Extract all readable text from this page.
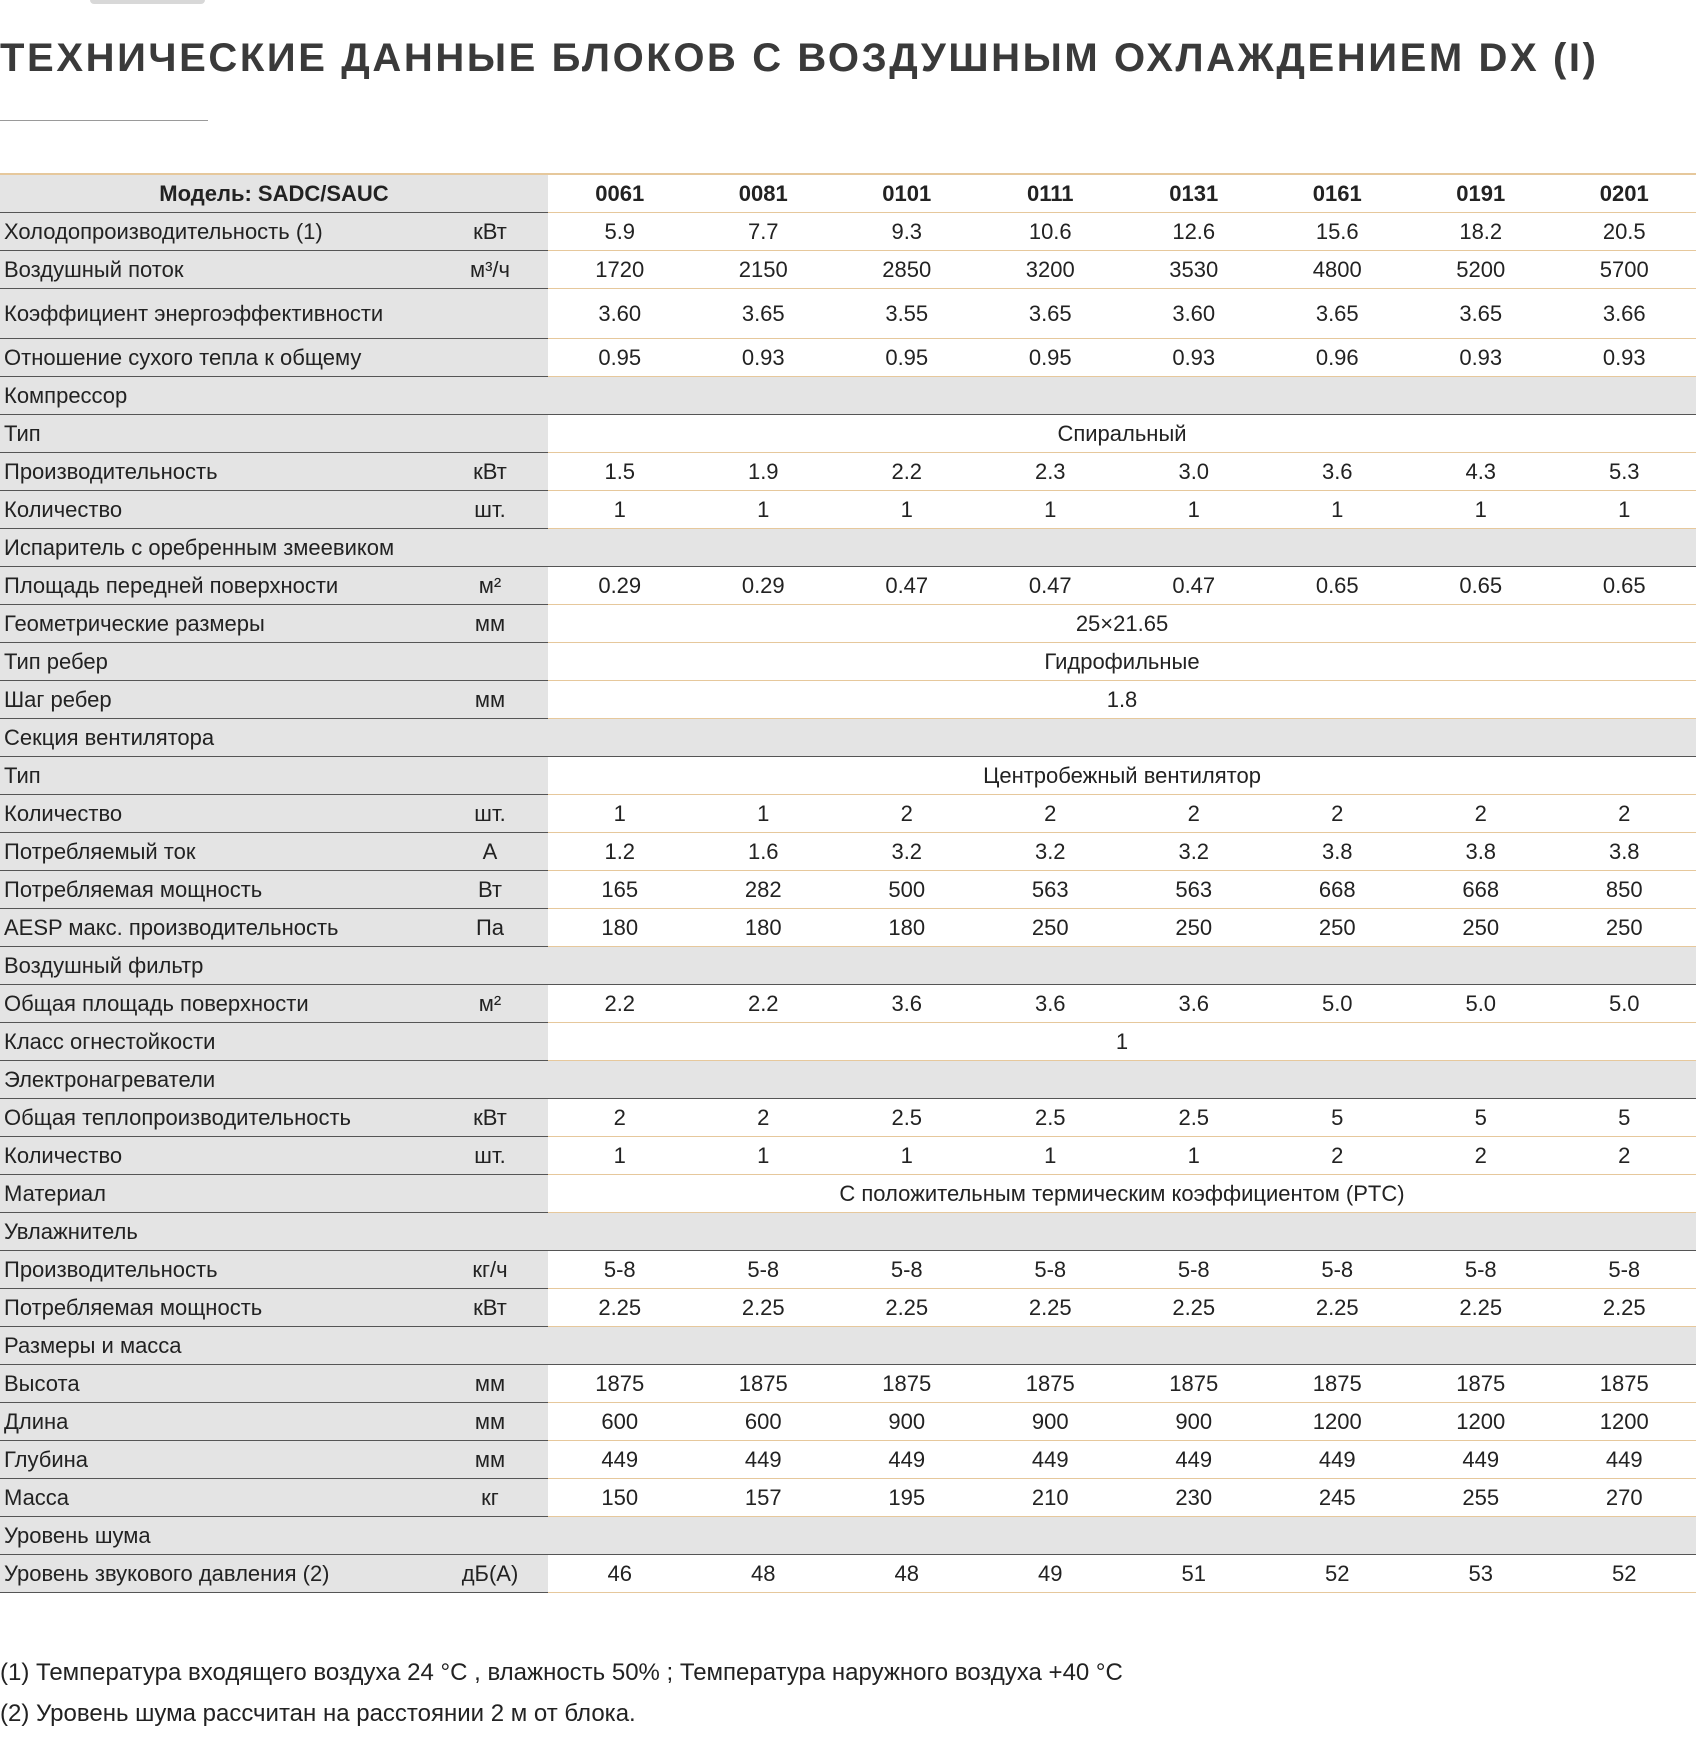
ТЕХНИЧЕСКИЕ ДАННЫЕ БЛОКОВ С ВОЗДУШНЫМ ОХЛАЖДЕНИЕМ DX (I)
Модель: SADC/SAUC		0061	0081	0101	0111	0131	0161	0191	0201
Холодопроизводительность (1)	кВт	5.9	7.7	9.3	10.6	12.6	15.6	18.2	20.5
Воздушный поток	м³/ч	1720	2150	2850	3200	3530	4800	5200	5700
Коэффициент энергоэффективности		3.60	3.65	3.55	3.65	3.60	3.65	3.65	3.66
Отношение сухого тепла к общему		0.95	0.93	0.95	0.95	0.93	0.96	0.93	0.93
Компрессор									
Тип		Спиральный							
Производительность	кВт	1.5	1.9	2.2	2.3	3.0	3.6	4.3	5.3
Количество	шт.	1	1	1	1	1	1	1	1
Испаритель с оребренным змеевиком									
Площадь передней поверхности	м²	0.29	0.29	0.47	0.47	0.47	0.65	0.65	0.65
Геометрические размеры	мм	25×21.65							
Тип ребер		Гидрофильные							
Шаг ребер	мм	1.8							
Секция вентилятора									
Тип		Центробежный вентилятор							
Количество	шт.	1	1	2	2	2	2	2	2
Потребляемый ток	А	1.2	1.6	3.2	3.2	3.2	3.8	3.8	3.8
Потребляемая мощность	Вт	165	282	500	563	563	668	668	850
AESP макс. производительность	Па	180	180	180	250	250	250	250	250
Воздушный фильтр									
Общая площадь поверхности	м²	2.2	2.2	3.6	3.6	3.6	5.0	5.0	5.0
Класс огнестойкости		1							
Электронагреватели									
Общая теплопроизводительность	кВт	2	2	2.5	2.5	2.5	5	5	5
Количество	шт.	1	1	1	1	1	2	2	2
Материал		С положительным термическим коэффициентом (PTC)							
Увлажнитель									
Производительность	кг/ч	5-8	5-8	5-8	5-8	5-8	5-8	5-8	5-8
Потребляемая мощность	кВт	2.25	2.25	2.25	2.25	2.25	2.25	2.25	2.25
Размеры и масса									
Высота	мм	1875	1875	1875	1875	1875	1875	1875	1875
Длина	мм	600	600	900	900	900	1200	1200	1200
Глубина	мм	449	449	449	449	449	449	449	449
Масса	кг	150	157	195	210	230	245	255	270
Уровень шума									
Уровень звукового давления (2)	дБ(А)	46	48	48	49	51	52	53	52

(1) Температура входящего воздуха 24 °C , влажность 50% ; Температура наружного воздуха +40 °C

(2) Уровень шума рассчитан на расстоянии 2 м от блока.
